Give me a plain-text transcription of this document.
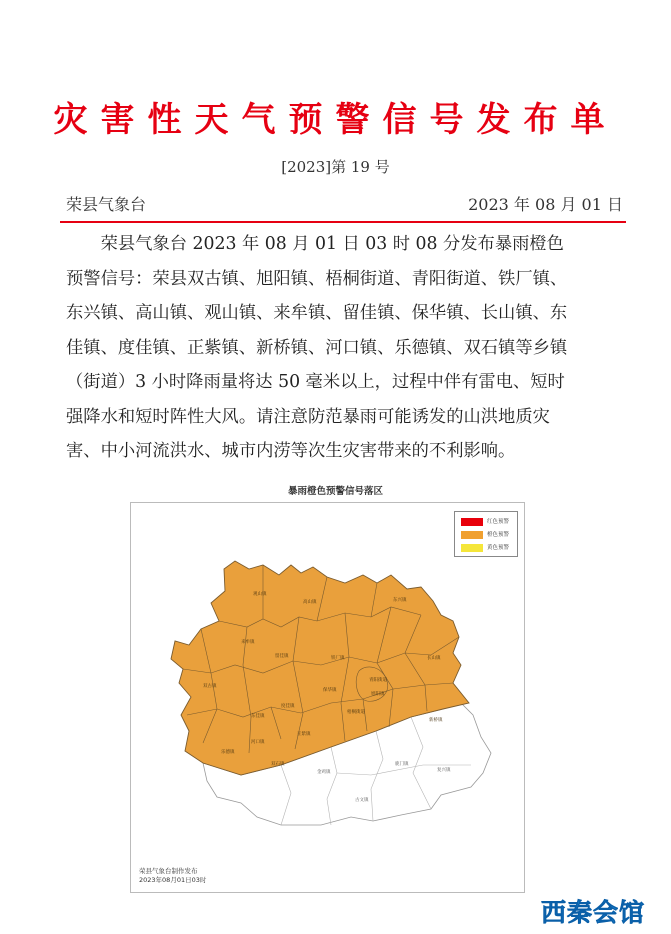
灾害性天气预警信号发布单
[2023]第 19 号
荣县气象台	2023 年 08 月 01 日

荣县气象台 2023 年 08 月 01 日 03 时 08 分发布暴雨橙色预警信号：荣县双古镇、旭阳镇、梧桐街道、青阳街道、铁厂镇、东兴镇、高山镇、观山镇、来牟镇、留佳镇、保华镇、长山镇、东佳镇、度佳镇、正紫镇、新桥镇、河口镇、乐德镇、双石镇等乡镇（街道）3 小时降雨量将达 50 毫米以上，过程中伴有雷电、短时强降水和短时阵性大风。请注意防范暴雨可能诱发的山洪地质灾害、中小河流洪水、城市内涝等次生灾害带来的不利影响。

暴雨橙色预警信号落区
观山镇
高山镇	东兴镇
来牟镇
留佳镇	铁厂镇
双古镇
青阳街道
旭阳镇
长山镇
保华镇
梧桐街道
东佳镇
度佳镇
正紫镇
新桥镇
河口镇
乐德镇
双石镇
金鸡镇
鹿门镇
古文镇
复兴镇
红色预警
橙色预警
黄色预警
荣县气象台制作发布
2023年08月01日03时
西秦会馆
